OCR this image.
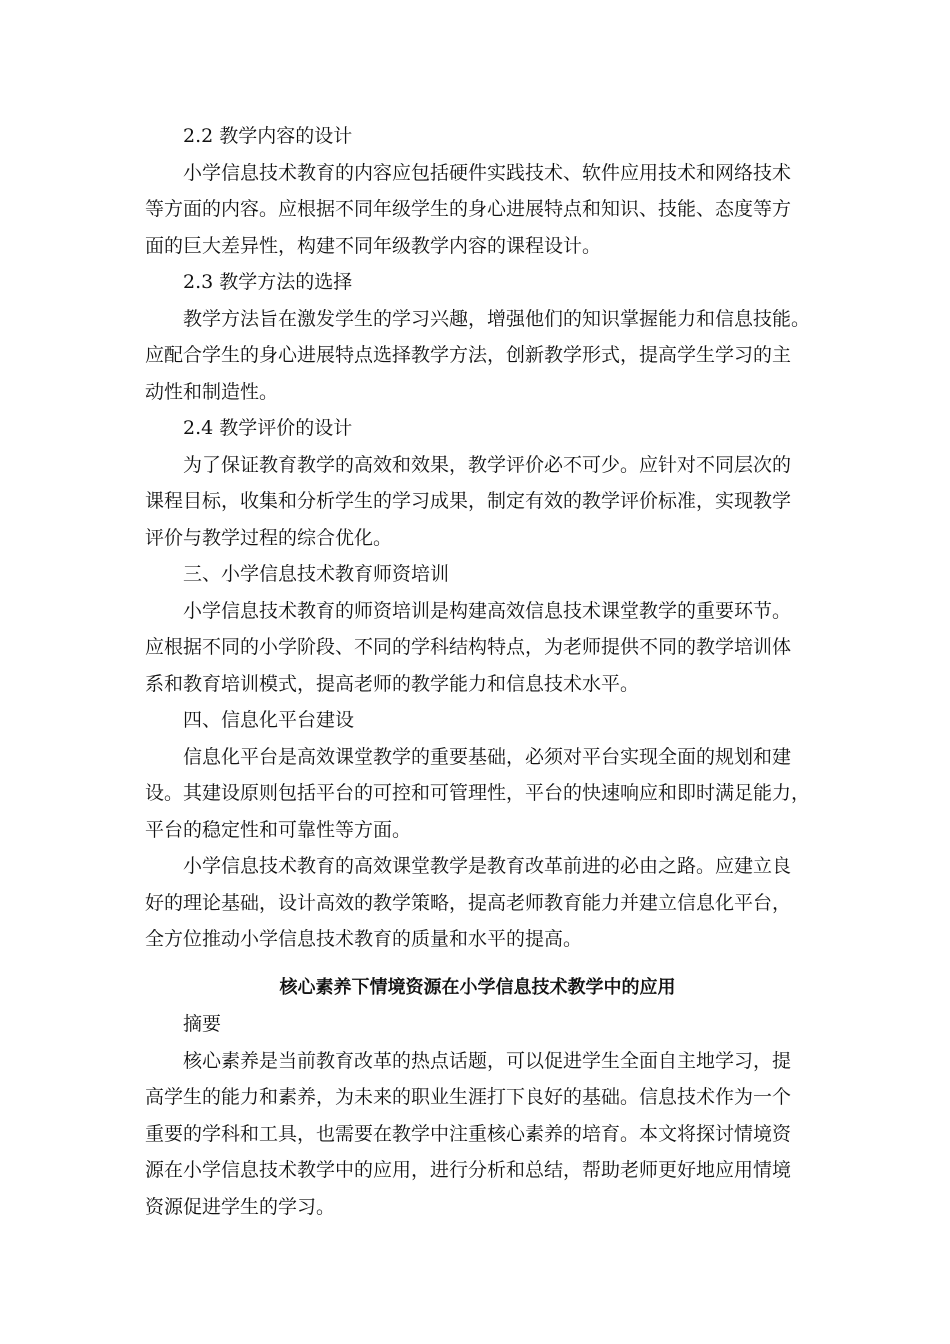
2.2 教学内容的设计
小学信息技术教育的内容应包括硬件实践技术、软件应用技术和网络技术
等方面的内容。应根据不同年级学生的身心进展特点和知识、技能、态度等方
面的巨大差异性，构建不同年级教学内容的课程设计。
2.3 教学方法的选择
教学方法旨在激发学生的学习兴趣，增强他们的知识掌握能力和信息技能。
应配合学生的身心进展特点选择教学方法，创新教学形式，提高学生学习的主
动性和制造性。
2.4 教学评价的设计
为了保证教育教学的高效和效果，教学评价必不可少。应针对不同层次的
课程目标，收集和分析学生的学习成果，制定有效的教学评价标准，实现教学
评价与教学过程的综合优化。
三、小学信息技术教育师资培训
小学信息技术教育的师资培训是构建高效信息技术课堂教学的重要环节。
应根据不同的小学阶段、不同的学科结构特点，为老师提供不同的教学培训体
系和教育培训模式，提高老师的教学能力和信息技术水平。
四、信息化平台建设
信息化平台是高效课堂教学的重要基础，必须对平台实现全面的规划和建
设。其建设原则包括平台的可控和可管理性，平台的快速响应和即时满足能力，
平台的稳定性和可靠性等方面。
小学信息技术教育的高效课堂教学是教育改革前进的必由之路。应建立良
好的理论基础，设计高效的教学策略，提高老师教育能力并建立信息化平台，
全方位推动小学信息技术教育的质量和水平的提高。
核心素养下情境资源在小学信息技术教学中的应用
摘要
核心素养是当前教育改革的热点话题，可以促进学生全面自主地学习，提
高学生的能力和素养，为未来的职业生涯打下良好的基础。信息技术作为一个
重要的学科和工具，也需要在教学中注重核心素养的培育。本文将探讨情境资
源在小学信息技术教学中的应用，进行分析和总结，帮助老师更好地应用情境
资源促进学生的学习。
